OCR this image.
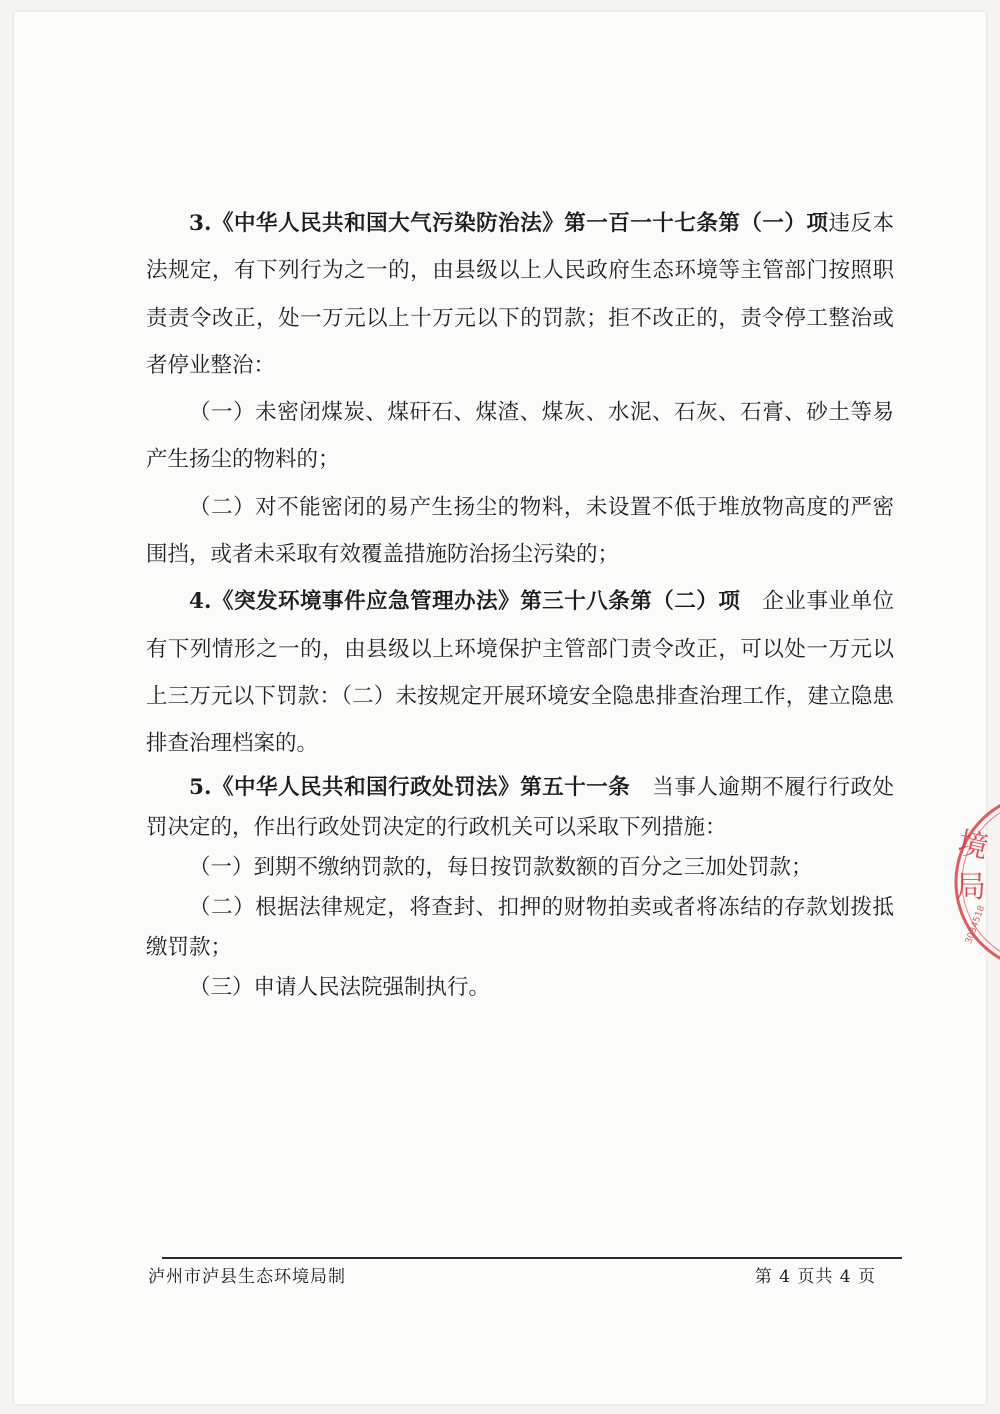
3.《中华人民共和国大气污染防治法》第一百一十七条第（一）项违反本法规定，有下列行为之一的，由县级以上人民政府生态环境等主管部门按照职责责令改正，处一万元以上十万元以下的罚款；拒不改正的，责令停工整治或者停业整治：

（一）未密闭煤炭、煤矸石、煤渣、煤灰、水泥、石灰、石膏、砂土等易产生扬尘的物料的；

（二）对不能密闭的易产生扬尘的物料，未设置不低于堆放物高度的严密围挡，或者未采取有效覆盖措施防治扬尘污染的；

4.《突发环境事件应急管理办法》第三十八条第（二）项  企业事业单位有下列情形之一的，由县级以上环境保护主管部门责令改正，可以处一万元以上三万元以下罚款：（二）未按规定开展环境安全隐患排查治理工作，建立隐患排查治理档案的。

5.《中华人民共和国行政处罚法》第五十一条  当事人逾期不履行行政处罚决定的，作出行政处罚决定的行政机关可以采取下列措施：

（一）到期不缴纳罚款的，每日按罚款数额的百分之三加处罚款；

（二）根据法律规定，将查封、扣押的财物拍卖或者将冻结的存款划拨抵缴罚款；

（三）申请人民法院强制执行。

境
局
3034518
泸州市泸县生态环境局制	第 4 页共 4 页
